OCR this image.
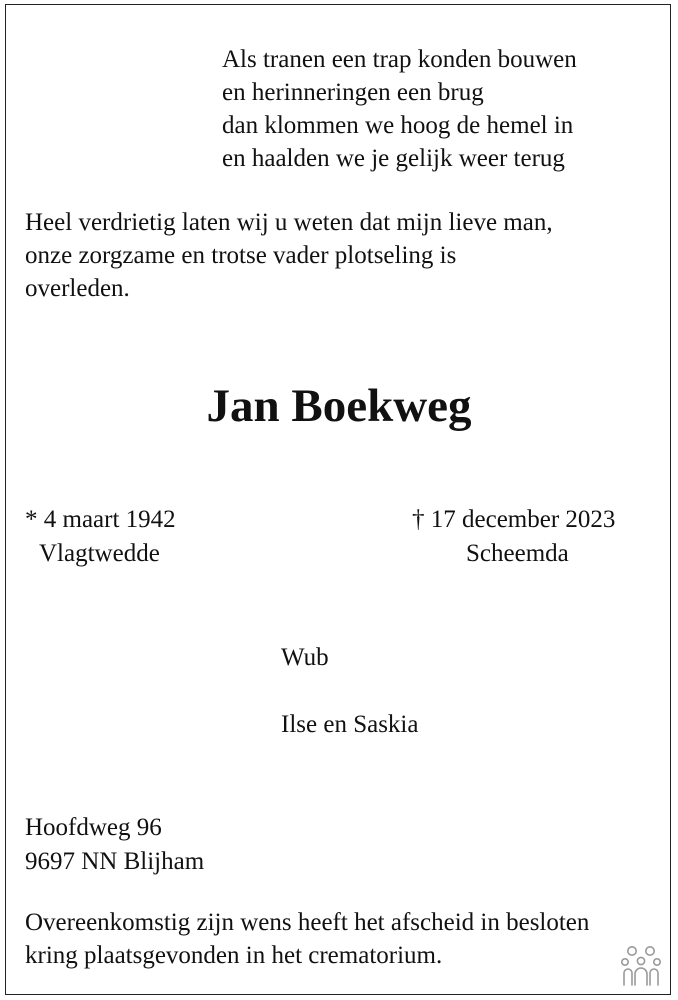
Als tranen een trap konden bouwen
en herinneringen een brug
dan klommen we hoog de hemel in
en haalden we je gelijk weer terug
Heel verdrietig laten wij u weten dat mijn lieve man,
onze zorgzame en trotse vader plotseling is
overleden.
Jan Boekweg
* 4 maart 1942
Vlagtwedde
† 17 december 2023
Scheemda
Wub
Ilse en Saskia
Hoofdweg 96
9697 NN Blijham
Overeenkomstig zijn wens heeft het afscheid in besloten
kring plaatsgevonden in het crematorium.
